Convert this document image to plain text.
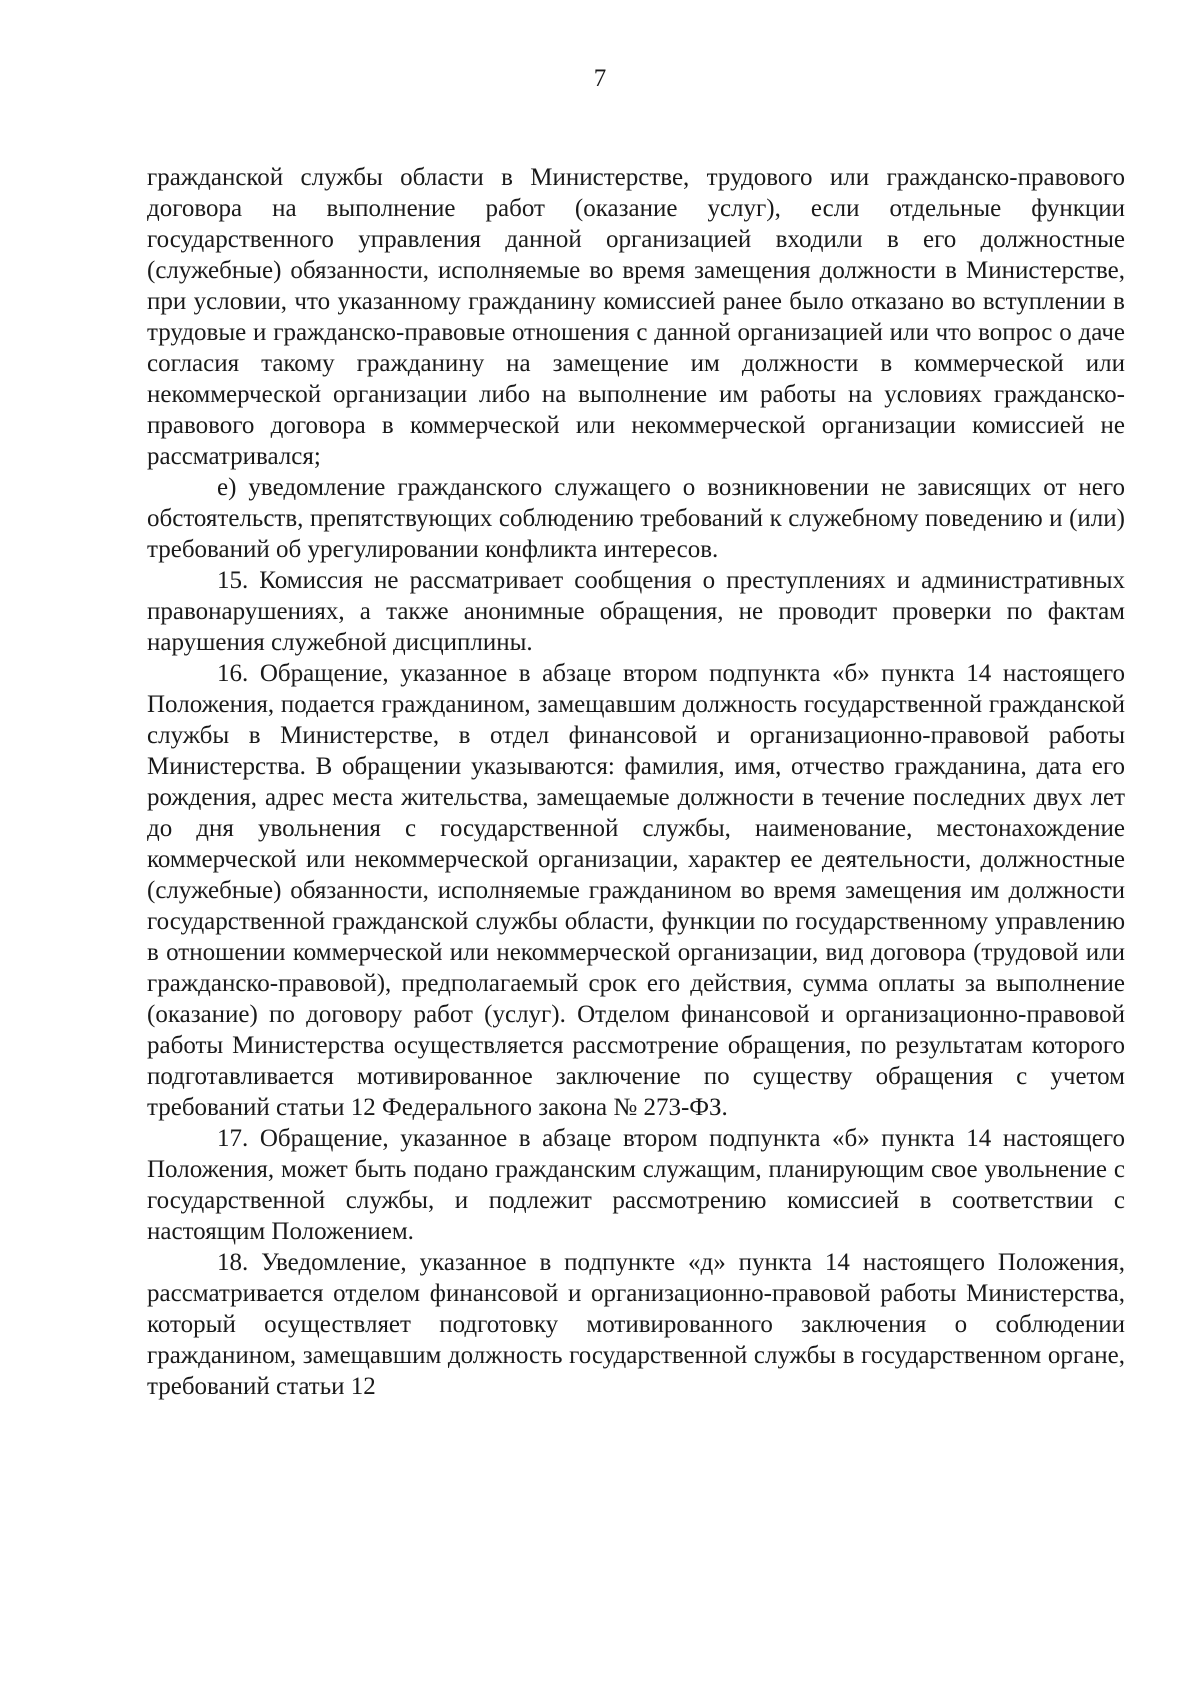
7

гражданской службы области в Министерстве, трудового или гражданско-правового договора на выполнение работ (оказание услуг), если отдельные функции государственного управления данной организацией входили в его должностные (служебные) обязанности, исполняемые во время замещения должности в Министерстве, при условии, что указанному гражданину комиссией ранее было отказано во вступлении в трудовые и гражданско-правовые отношения с данной организацией или что вопрос о даче согласия такому гражданину на замещение им должности в коммерческой или некоммерческой организации либо на выполнение им работы на условиях гражданско-правового договора в коммерческой или некоммерческой организации комиссией не рассматривался;

е) уведомление гражданского служащего о возникновении не зависящих от него обстоятельств, препятствующих соблюдению требований к служебному поведению и (или) требований об урегулировании конфликта интересов.

15. Комиссия не рассматривает сообщения о преступлениях и административных правонарушениях, а также анонимные обращения, не проводит проверки по фактам нарушения служебной дисциплины.

16. Обращение, указанное в абзаце втором подпункта «б» пункта 14 настоящего Положения, подается гражданином, замещавшим должность государственной гражданской службы в Министерстве, в отдел финансовой и организационно-правовой работы Министерства. В обращении указываются: фамилия, имя, отчество гражданина, дата его рождения, адрес места жительства, замещаемые должности в течение последних двух лет до дня увольнения с государственной службы, наименование, местонахождение коммерческой или некоммерческой организации, характер ее деятельности, должностные (служебные) обязанности, исполняемые гражданином во время замещения им должности государственной гражданской службы области, функции по государственному управлению в отношении коммерческой или некоммерческой организации, вид договора (трудовой или гражданско-правовой), предполагаемый срок его действия, сумма оплаты за выполнение (оказание) по договору работ (услуг). Отделом финансовой и организационно-правовой работы Министерства осуществляется рассмотрение обращения, по результатам которого подготавливается мотивированное заключение по существу обращения с учетом требований статьи 12 Федерального закона № 273-ФЗ.

17. Обращение, указанное в абзаце втором подпункта «б» пункта 14 настоящего Положения, может быть подано гражданским служащим, планирующим свое увольнение с государственной службы, и подлежит рассмотрению комиссией в соответствии с настоящим Положением.

18. Уведомление, указанное в подпункте «д» пункта 14 настоящего Положения, рассматривается отделом финансовой и организационно-правовой работы Министерства, который осуществляет подготовку мотивированного заключения о соблюдении гражданином, замещавшим должность государственной службы в государственном органе, требований статьи 12
